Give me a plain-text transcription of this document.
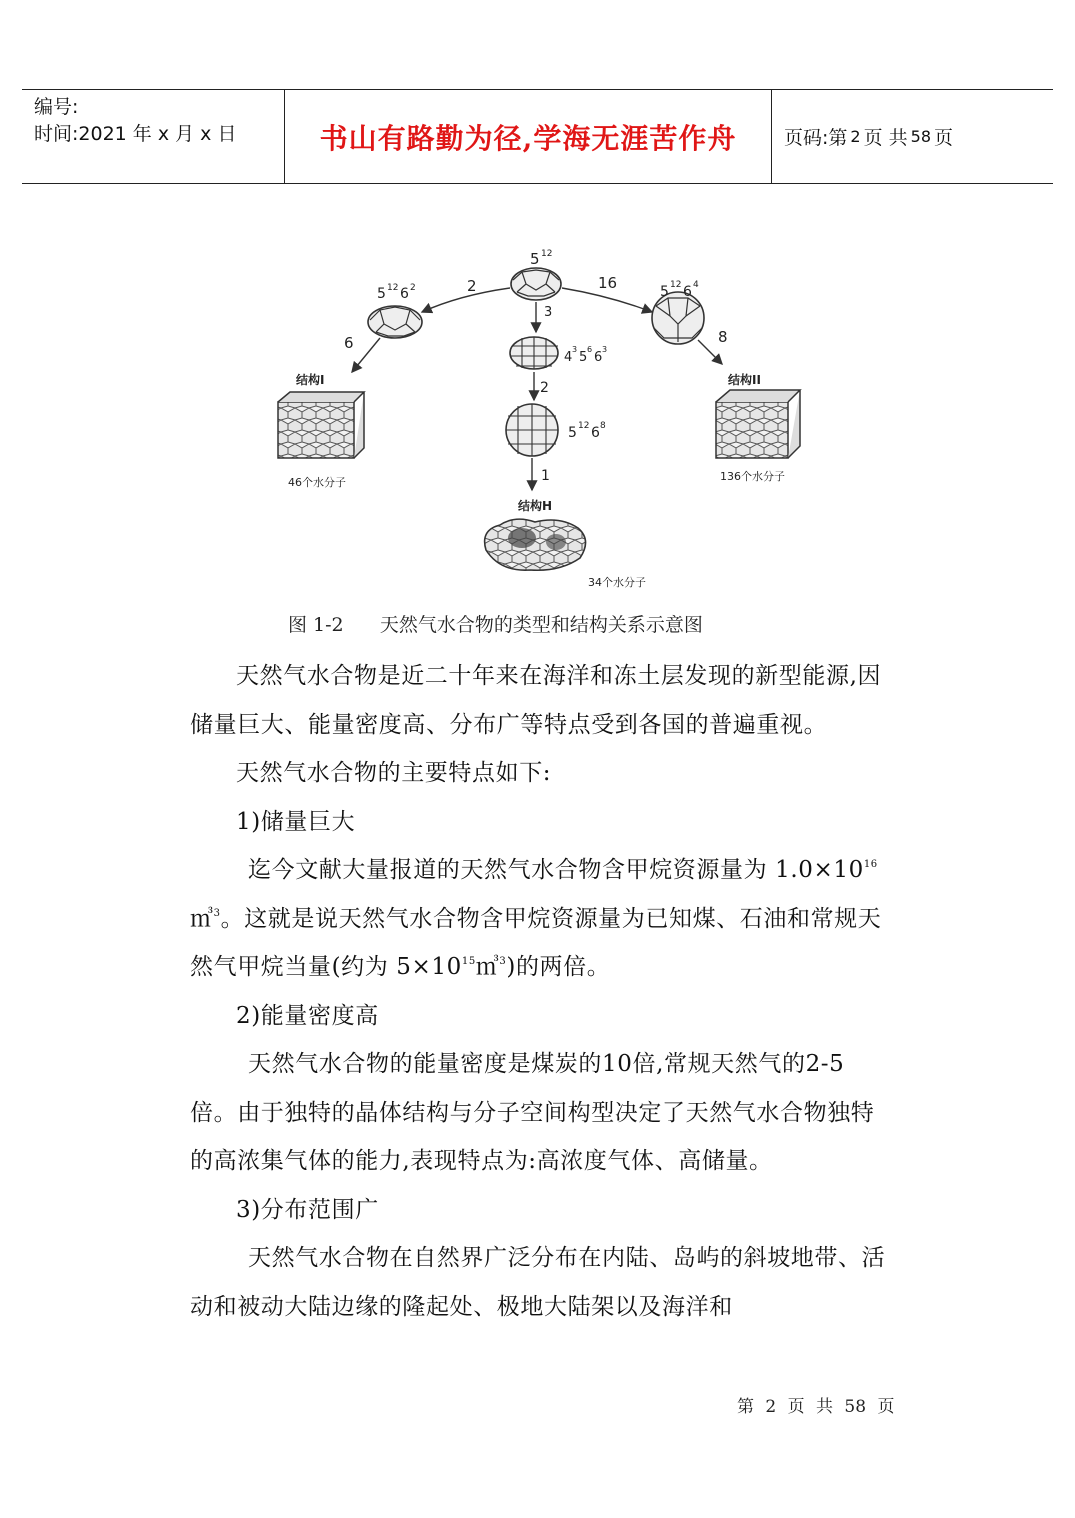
编号:
时间:2021 年 x 月 x 日	书山有路勤为径,学海无涯苦作舟	页码:第 2 页 共 58 页
5 12
5 12 6 2	5 12 6 4
4
3
5
6
6
3
5 12 6 8
2	16
3
6	8
2
1
结构I
46个水分子
结构II
136个水分子
结构H
34个水分子
图 1-2      天然气水合物的类型和结构关系示意图

天然气水合物是近二十年来在海洋和冻土层发现的新型能源,因储量巨大、能量密度高、分布广等特点受到各国的普遍重视。

天然气水合物的主要特点如下:

1)储量巨大

迄今文献大量报道的天然气水合物含甲烷资源量为 $1.0\times 10^{16}㎥^3$。这就是说天然气水合物含甲烷资源量为已知煤、石油和常规天然气甲烷当量(约为 $5\times 10^{15}㎥^3$)的两倍。

2)能量密度高

天然气水合物的能量密度是煤炭的10倍,常规天然气的2-5倍。由于独特的晶体结构与分子空间构型决定了天然气水合物独特的高浓集气体的能力,表现特点为:高浓度气体、高储量。

3)分布范围广

天然气水合物在自然界广泛分布在内陆、岛屿的斜坡地带、活动和被动大陆边缘的隆起处、极地大陆架以及海洋和

第 2 页 共 58 页
